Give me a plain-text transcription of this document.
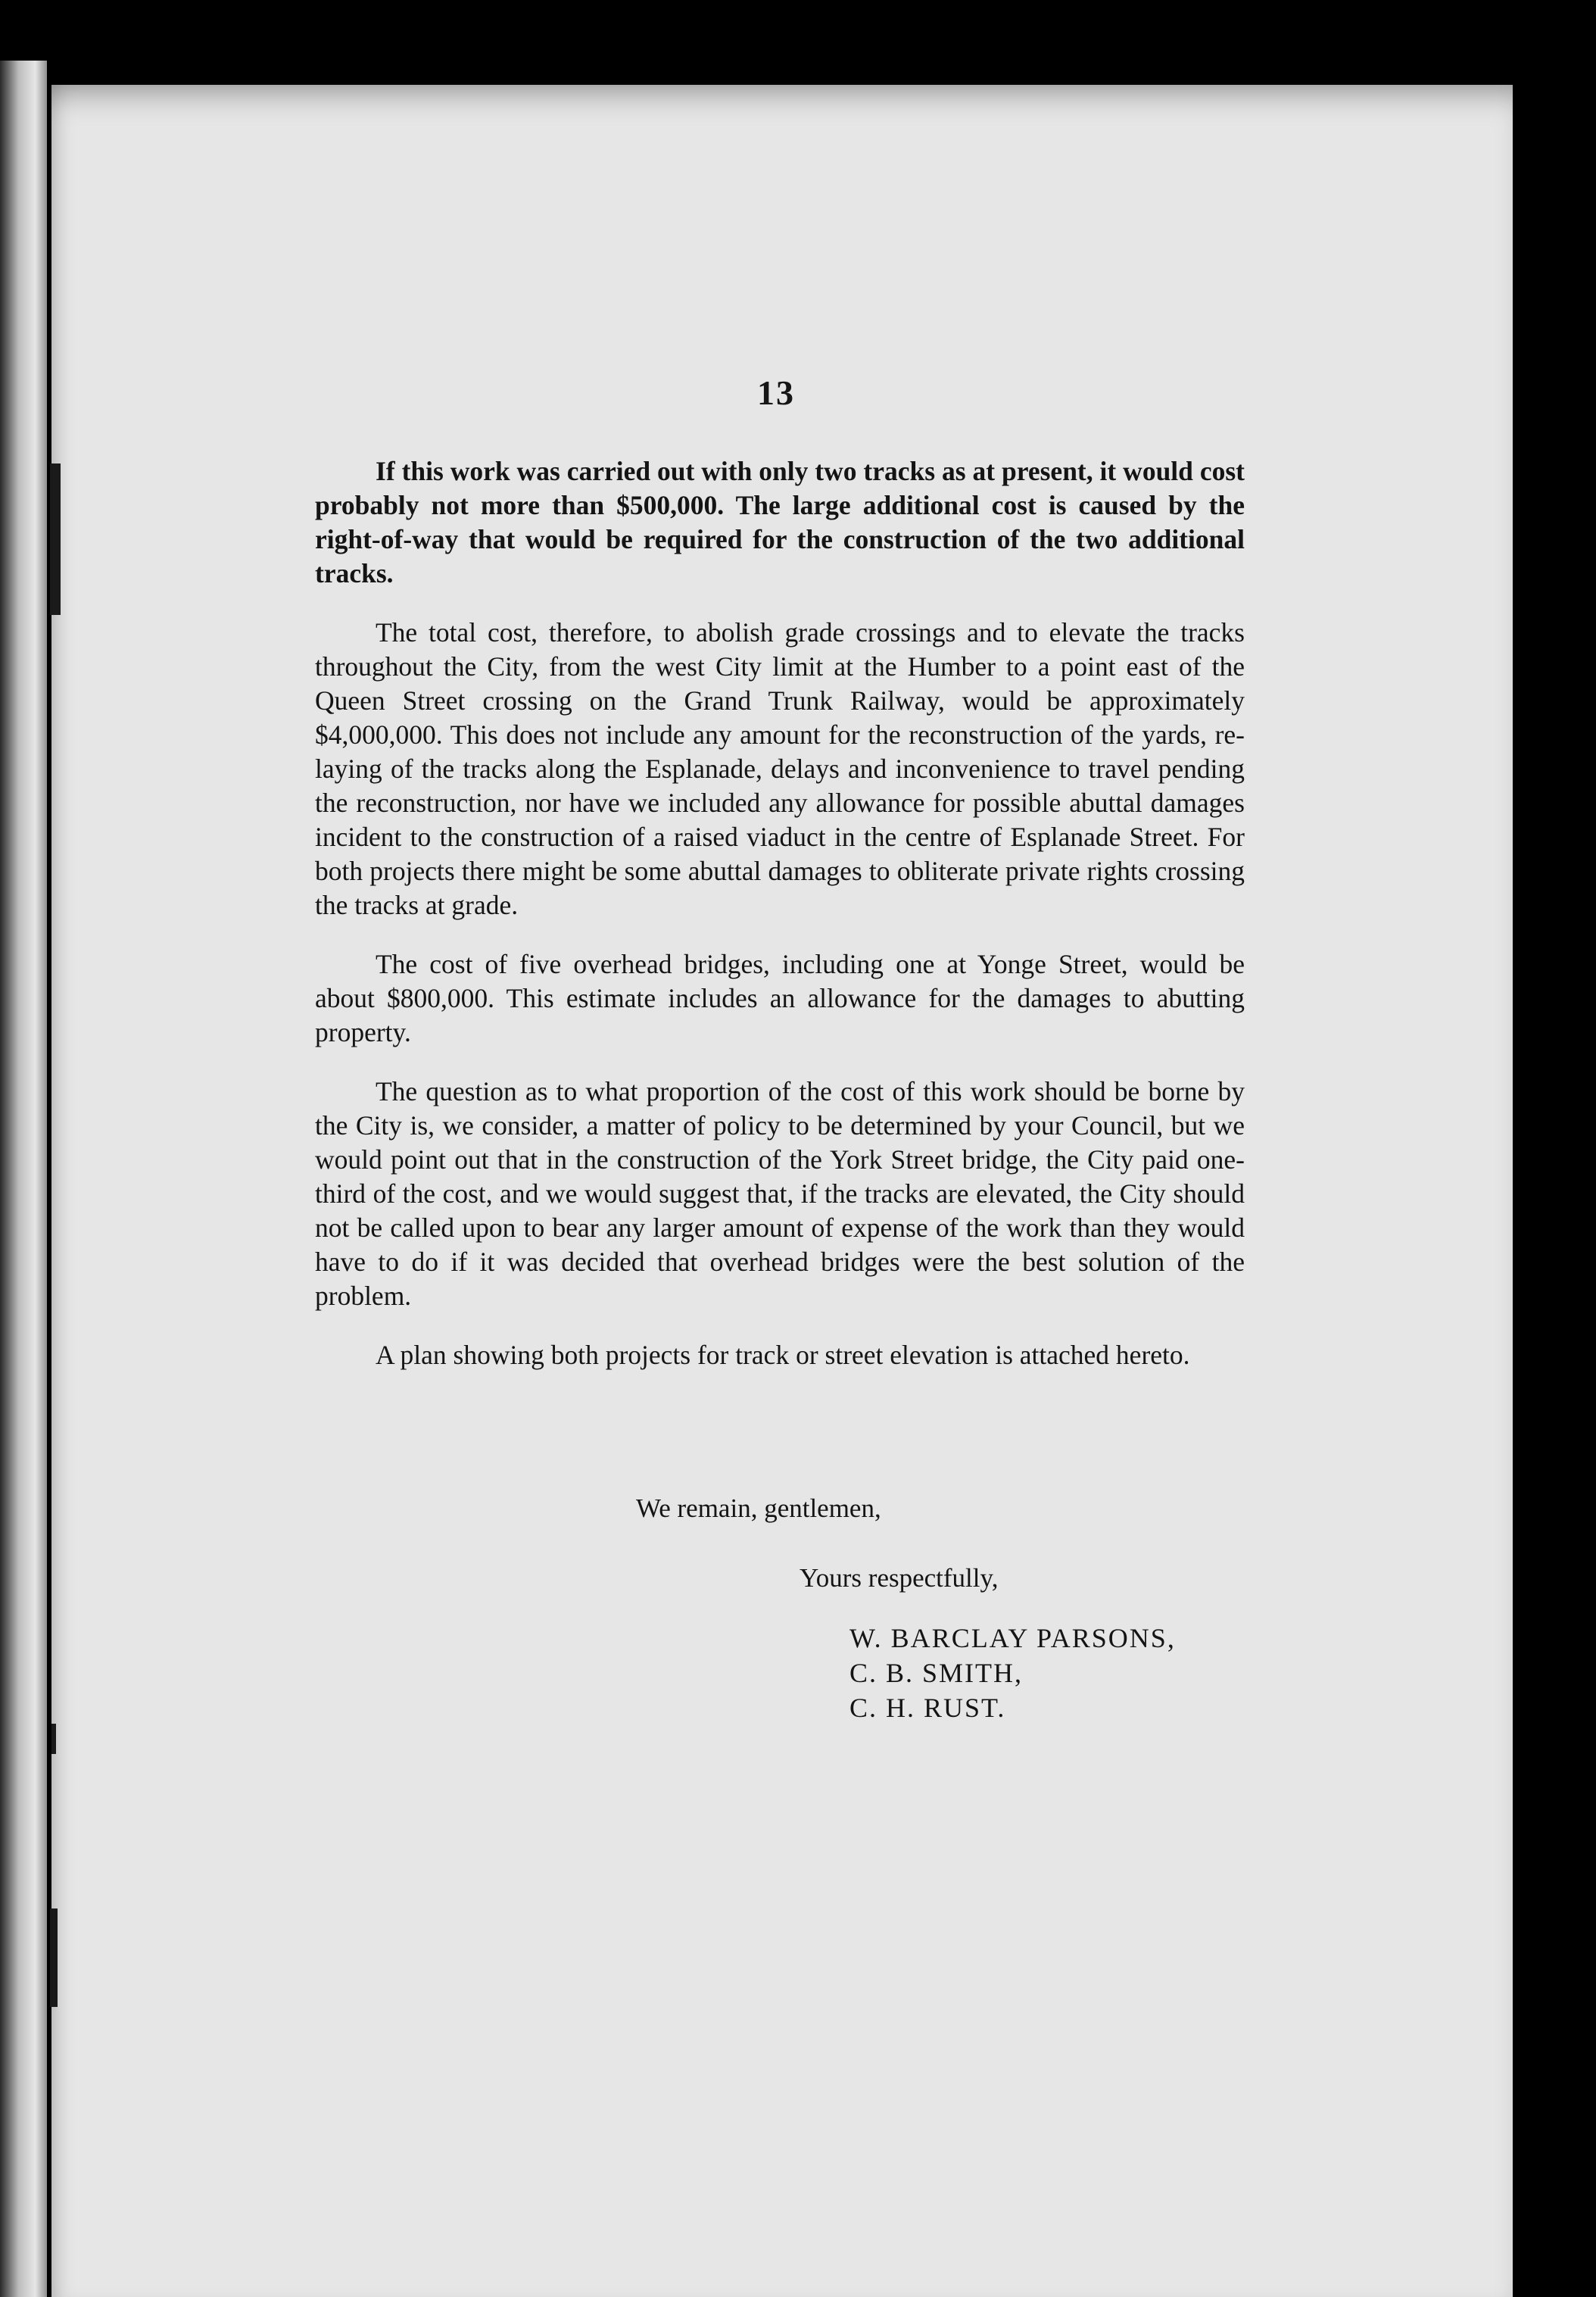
13

If this work was carried out with only two tracks as at present, it would cost probably not more than $500,000. The large additional cost is caused by the right-of-way that would be required for the construction of the two additional tracks.

The total cost, therefore, to abolish grade crossings and to elevate the tracks throughout the City, from the west City limit at the Humber to a point east of the Queen Street crossing on the Grand Trunk Railway, would be approximately $4,000,000. This does not include any amount for the reconstruction of the yards, re-laying of the tracks along the Esplanade, delays and inconvenience to travel pending the reconstruction, nor have we included any allowance for possible abuttal damages incident to the construction of a raised viaduct in the centre of Esplanade Street. For both projects there might be some abuttal damages to obliterate private rights crossing the tracks at grade.

The cost of five overhead bridges, including one at Yonge Street, would be about $800,000. This estimate includes an allowance for the damages to abutting property.

The question as to what proportion of the cost of this work should be borne by the City is, we consider, a matter of policy to be determined by your Council, but we would point out that in the construction of the York Street bridge, the City paid one-third of the cost, and we would suggest that, if the tracks are elevated, the City should not be called upon to bear any larger amount of expense of the work than they would have to do if it was decided that overhead bridges were the best solution of the problem.

A plan showing both projects for track or street elevation is attached hereto.

We remain, gentlemen,
Yours respectfully,
W. BARCLAY PARSONS,
C. B. SMITH,
C. H. RUST.
